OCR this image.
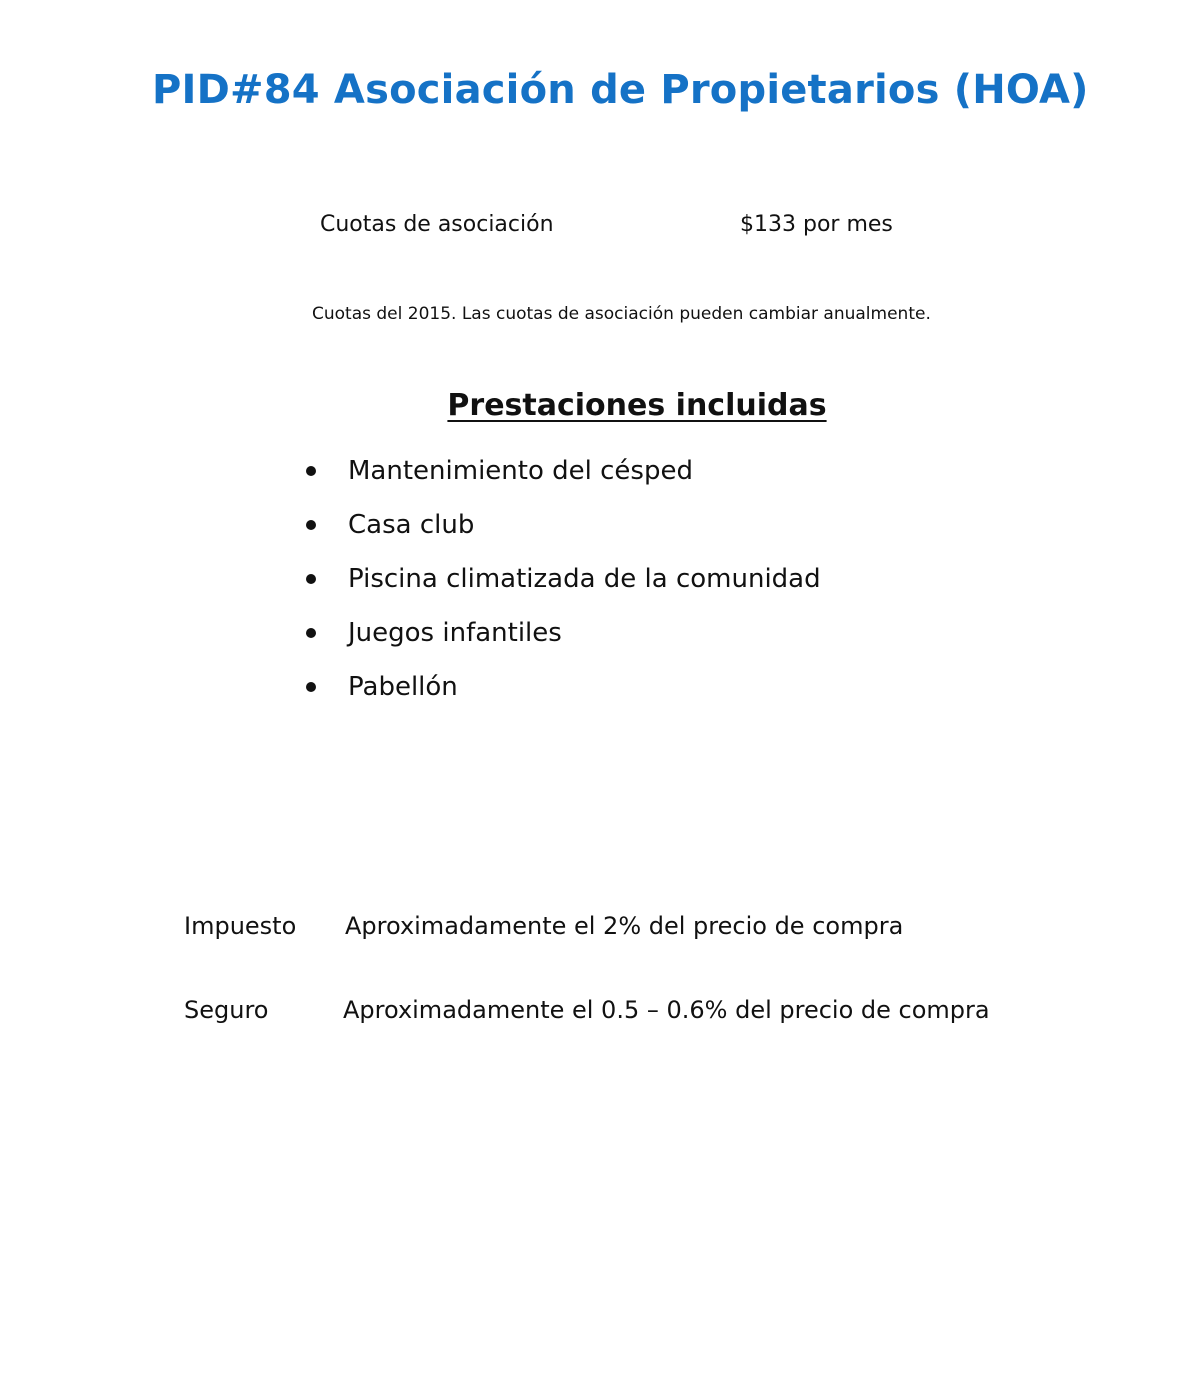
PID#84 Asociación de Propietarios (HOA)
Cuotas de asociación	$133 por mes
Cuotas del 2015. Las cuotas de asociación pueden cambiar anualmente.
Prestaciones incluidas
Mantenimiento del césped
Casa club
Piscina climatizada de la comunidad
Juegos infantiles
Pabellón
Impuesto Aproximadamente el 2% del precio de compra
Seguro	Aproximadamente el 0.5 – 0.6% del precio de compra
